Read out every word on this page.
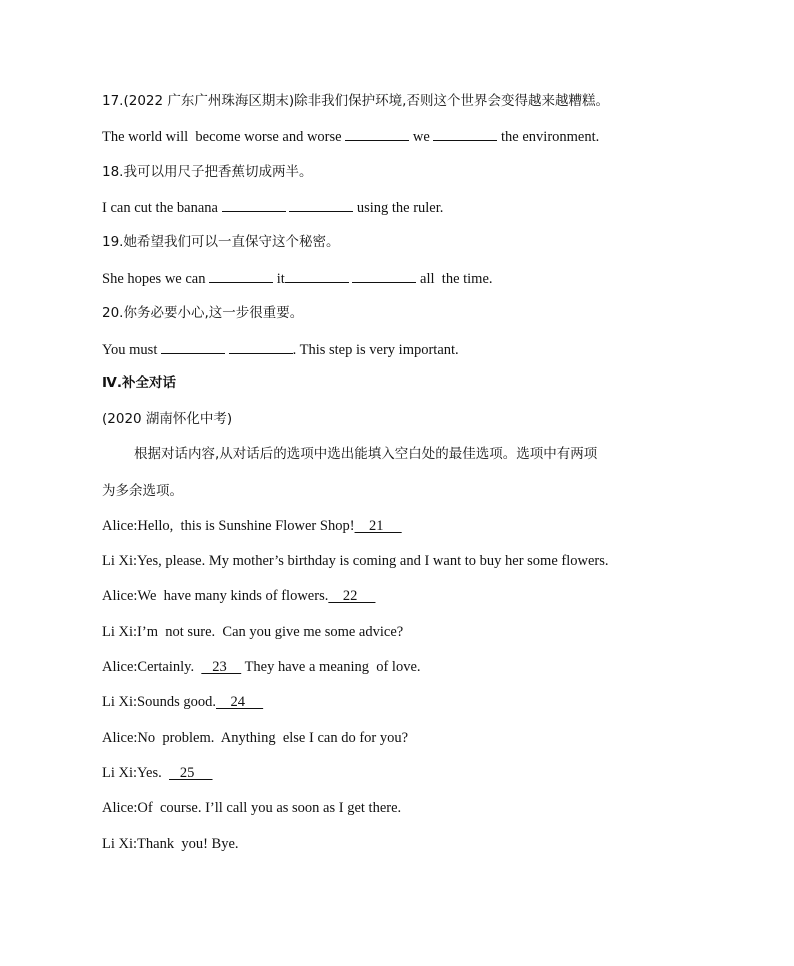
17.(2022 广东广州珠海区期末)除非我们保护环境,否则这个世界会变得越来越糟糕。
The world will  become worse and worse	we	the environment.
18.我可以用尺子把香蕉切成两半。
I can cut the banana	using the ruler.
19.她希望我们可以一直保守这个秘密。
She hopes we can	it	all  the time.
20.你务必要小心,这一步很重要。
You must	. This step is very important.
Ⅳ.补全对话
(2020 湖南怀化中考)
根据对话内容,从对话后的选项中选出能填入空白处的最佳选项。选项中有两项
为多余选项。
Alice:Hello,  this is Sunshine Flower Shop!    21
Li Xi:Yes, please. My mother’s birthday is coming and I want to buy her some flowers.
Alice:We  have many kinds of flowers.    22
Li Xi:I’m  not sure.  Can you give me some advice?
Alice:Certainly.     23     They have a meaning  of love.
Li Xi:Sounds good.    24
Alice:No  problem.  Anything  else I can do for you?
Li Xi:Yes.     25
Alice:Of  course. I’ll call you as soon as I get there.
Li Xi:Thank  you! Bye.
